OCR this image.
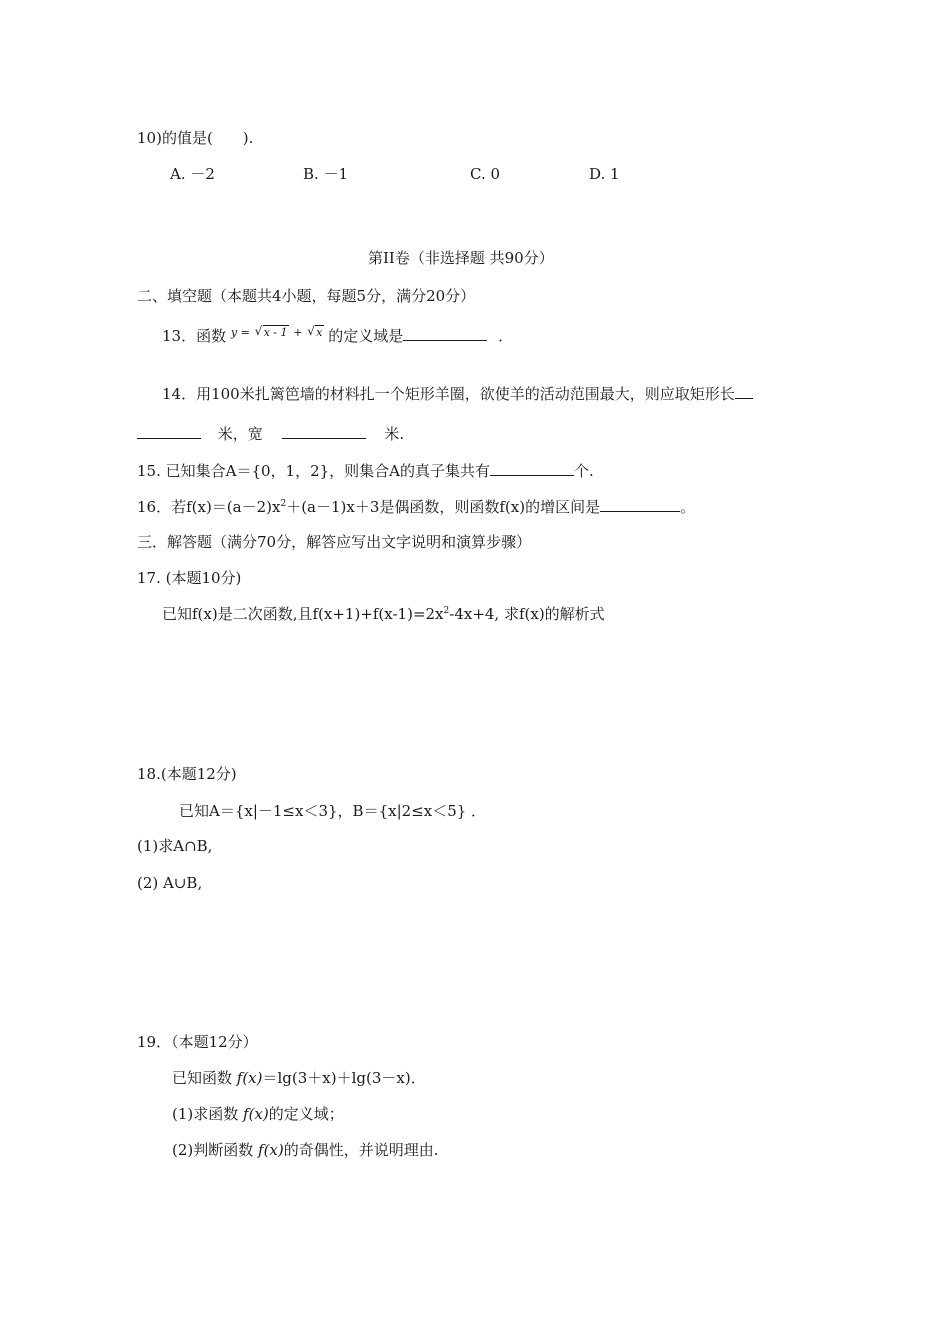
10)的值是(　　).
A. －2	B. －1	C. 0	D. 1
第II卷（非选择题 共90分）
二、填空题（本题共4小题，每题5分，满分20分）
13．函数 $^{y =}$ √ x - 1 + √ x 的定义域是	．
14．用100米扎篱笆墙的材料扎一个矩形羊圈，欲使羊的活动范围最大，则应取矩形长
米，宽	米.
15. 已知集合A＝{0，1，2}，则集合A的真子集共有	个.
16．若$f(x)=(a-2)x^2+(a-1)x+3$是偶函数，则函数f(x)的增区间是	。
三．解答题（满分70分，解答应写出文字说明和演算步骤）
17. (本题10分)
已知f(x)是二次函数,且$f(x+1)+f(x-1)=2x^2-4x+4$, 求f(x)的解析式
18.(本题12分)
已知A＝{x|－1≤x＜3}，B＝{x|2≤x＜5} ．
(1)求A∩B,
(2) A∪B,
19．（本题12分）
已知函数 f(x)＝lg(3＋x)＋lg(3－x)．
(1)求函数 f(x)的定义域；
(2)判断函数 f(x)的奇偶性，并说明理由.
